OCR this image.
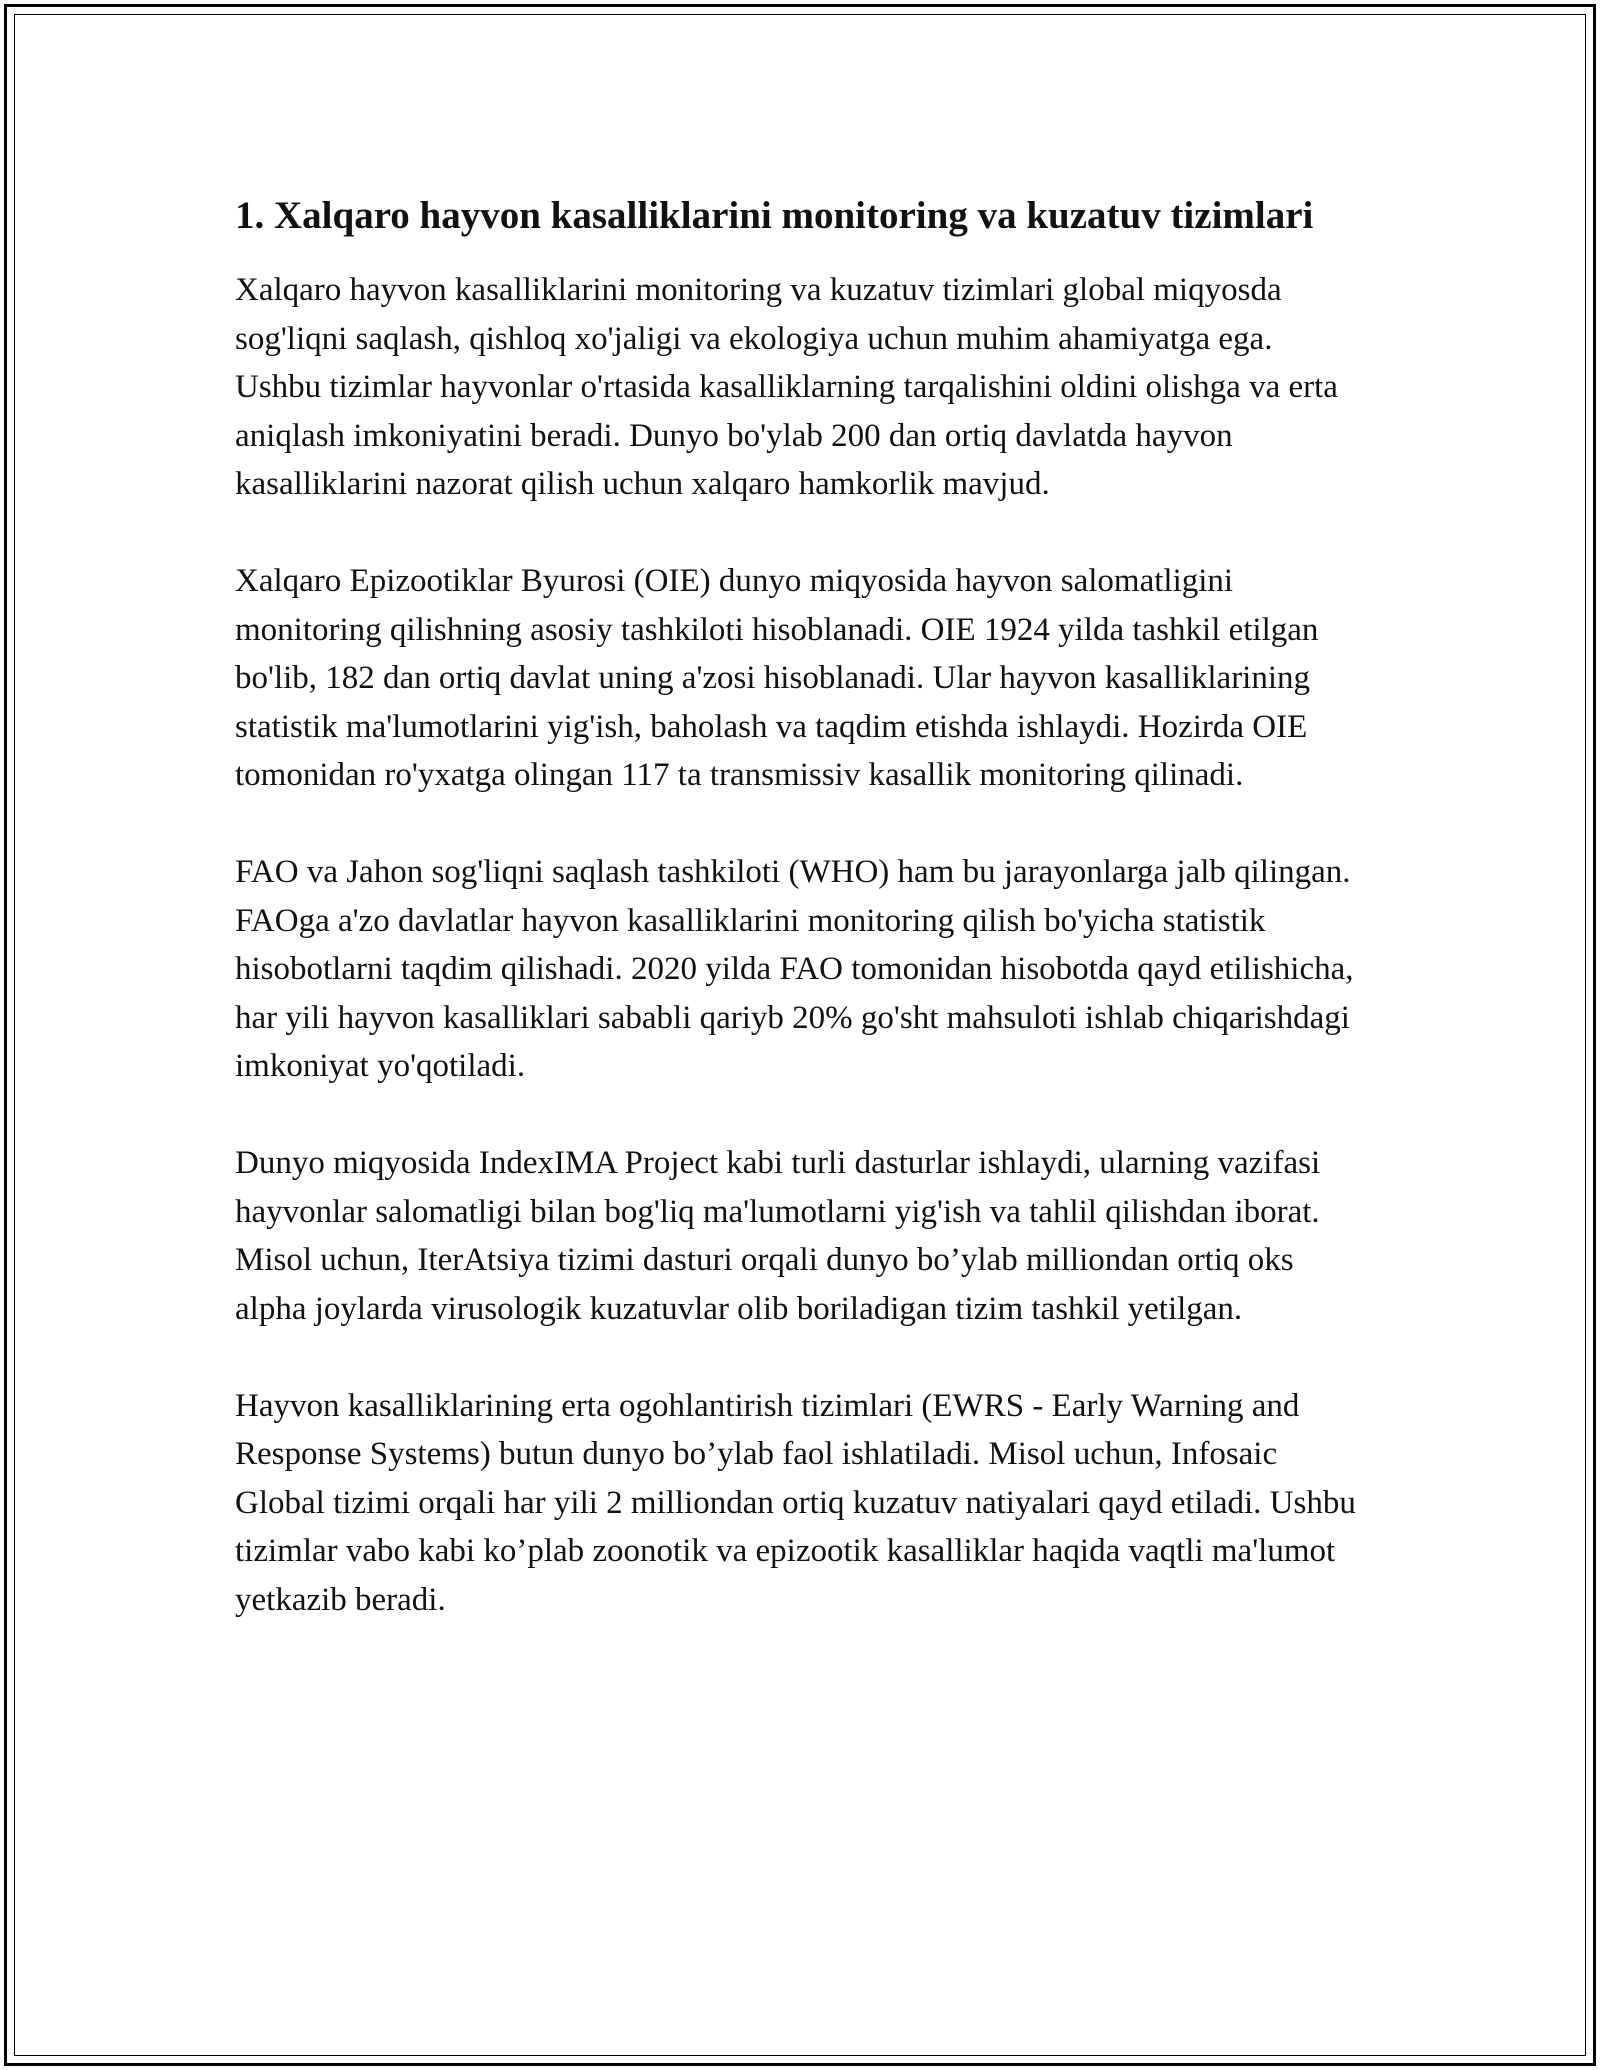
1. Xalqaro hayvon kasalliklarini monitoring va kuzatuv tizimlari

Xalqaro hayvon kasalliklarini monitoring va kuzatuv tizimlari global miqyosda sog'liqni saqlash, qishloq xo'jaligi va ekologiya uchun muhim ahamiyatga ega. Ushbu tizimlar hayvonlar o'rtasida kasalliklarning tarqalishini oldini olishga va erta aniqlash imkoniyatini beradi. Dunyo bo'ylab 200 dan ortiq davlatda hayvon kasalliklarini nazorat qilish uchun xalqaro hamkorlik mavjud.

Xalqaro Epizootiklar Byurosi (OIE) dunyo miqyosida hayvon salomatligini monitoring qilishning asosiy tashkiloti hisoblanadi. OIE 1924 yilda tashkil etilgan bo'lib, 182 dan ortiq davlat uning a'zosi hisoblanadi. Ular hayvon kasalliklarining statistik ma'lumotlarini yig'ish, baholash va taqdim etishda ishlaydi. Hozirda OIE tomonidan ro'yxatga olingan 117 ta transmissiv kasallik monitoring qilinadi.

FAO va Jahon sog'liqni saqlash tashkiloti (WHO) ham bu jarayonlarga jalb qilingan. FAOga a'zo davlatlar hayvon kasalliklarini monitoring qilish bo'yicha statistik hisobotlarni taqdim qilishadi. 2020 yilda FAO tomonidan hisobotda qayd etilishicha, har yili hayvon kasalliklari sababli qariyb 20% go'sht mahsuloti ishlab chiqarishdagi imkoniyat yo'qotiladi.

Dunyo miqyosida IndexIMA Project kabi turli dasturlar ishlaydi, ularning vazifasi hayvonlar salomatligi bilan bog'liq ma'lumotlarni yig'ish va tahlil qilishdan iborat. Misol uchun, IterAtsiya tizimi dasturi orqali dunyo bo’ylab milliondan ortiq oks alpha joylarda virusologik kuzatuvlar olib boriladigan tizim tashkil yetilgan.

Hayvon kasalliklarining erta ogohlantirish tizimlari (EWRS - Early Warning and Response Systems) butun dunyo bo’ylab faol ishlatiladi. Misol uchun, Infosaic Global tizimi orqali har yili 2 milliondan ortiq kuzatuv natiyalari qayd etiladi. Ushbu tizimlar vabo kabi ko’plab zoonotik va epizootik kasalliklar haqida vaqtli ma'lumot yetkazib beradi.
